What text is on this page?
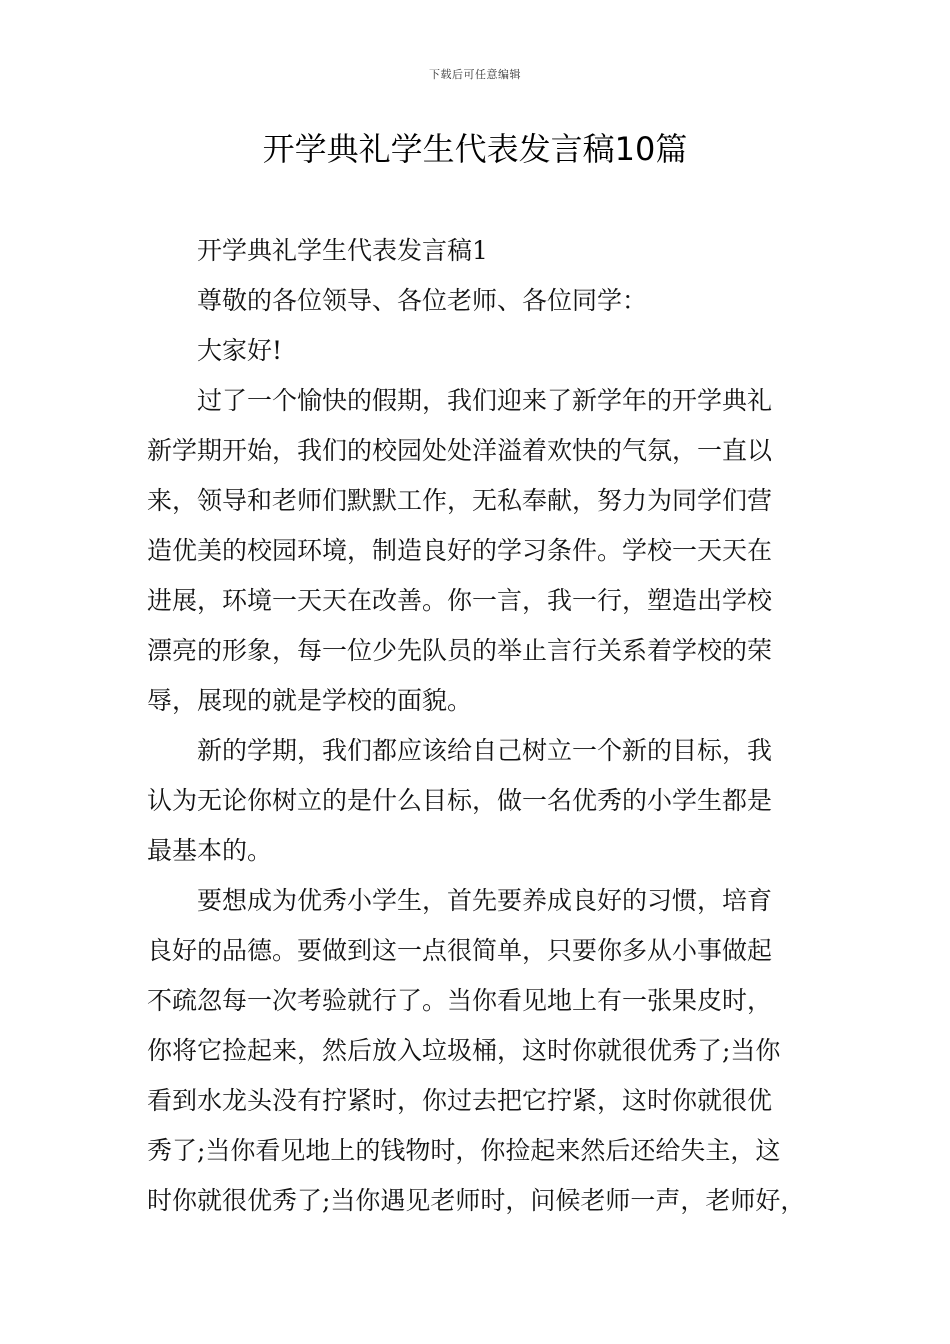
下载后可任意编辑
开学典礼学生代表发言稿10篇
开学典礼学生代表发言稿1
尊敬的各位领导、各位老师、各位同学：
大家好!
过了一个愉快的假期，我们迎来了新学年的开学典礼
新学期开始，我们的校园处处洋溢着欢快的气氛，一直以
来，领导和老师们默默工作，无私奉献，努力为同学们营
造优美的校园环境，制造良好的学习条件。学校一天天在
进展，环境一天天在改善。你一言，我一行，塑造出学校
漂亮的形象，每一位少先队员的举止言行关系着学校的荣
辱，展现的就是学校的面貌。
新的学期，我们都应该给自己树立一个新的目标，我
认为无论你树立的是什么目标，做一名优秀的小学生都是
最基本的。
要想成为优秀小学生，首先要养成良好的习惯，培育
良好的品德。要做到这一点很简单，只要你多从小事做起
不疏忽每一次考验就行了。当你看见地上有一张果皮时，
你将它捡起来，然后放入垃圾桶，这时你就很优秀了;当你
看到水龙头没有拧紧时，你过去把它拧紧，这时你就很优
秀了;当你看见地上的钱物时，你捡起来然后还给失主，这
时你就很优秀了;当你遇见老师时，问候老师一声，老师好，
